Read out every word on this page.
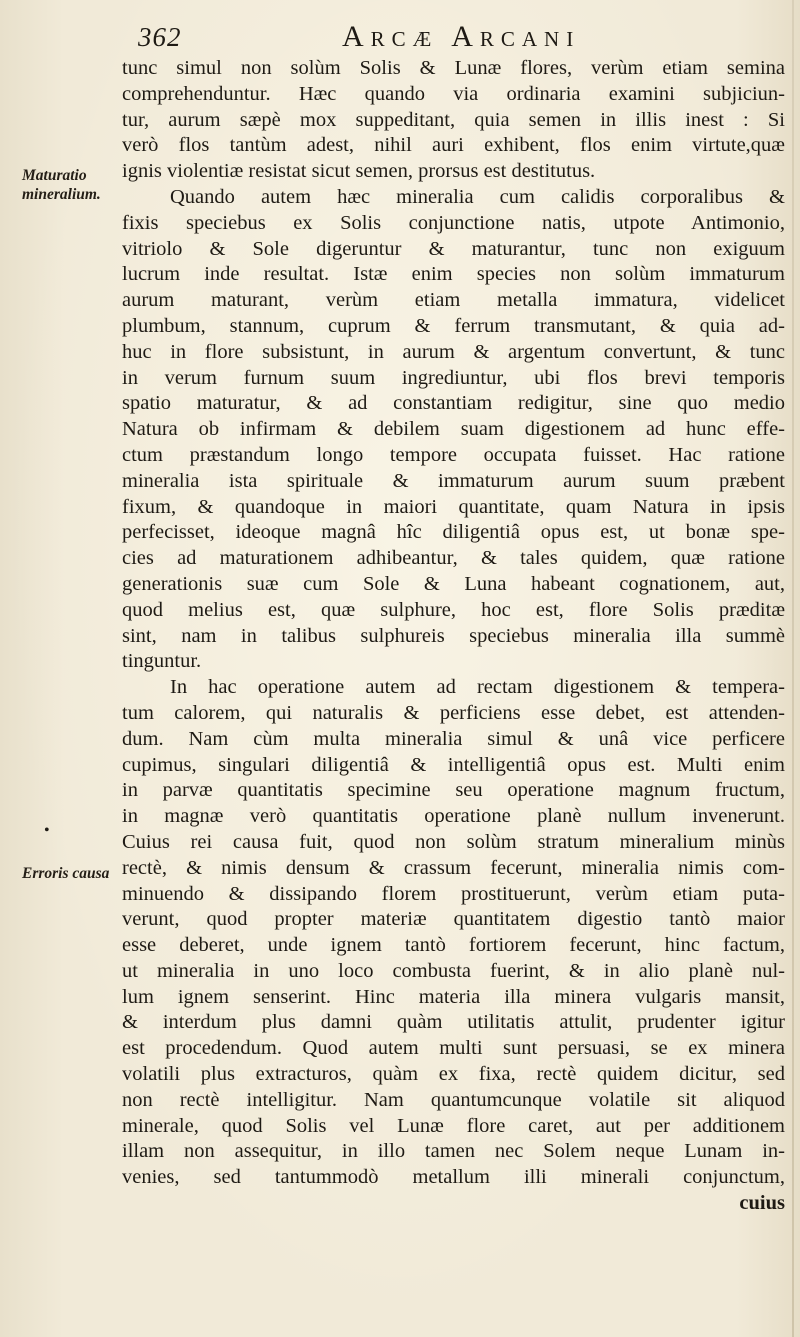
362	Arcæ Arcani
Maturatio
mineralium.
•
Erroris causa
tunc simul non solùm Solis & Lunæ flores, verùm etiam semina
comprehenduntur. Hæc quando via ordinaria examini subjiciun-
tur, aurum sæpè mox suppeditant, quia semen in illis inest : Si
verò flos tantùm adest, nihil auri exhibent, flos enim virtute,quæ
ignis violentiæ resistat sicut semen, prorsus est destitutus.
Quando autem hæc mineralia cum calidis corporalibus &
fixis speciebus ex Solis conjunctione natis, utpote Antimonio,
vitriolo & Sole digeruntur & maturantur, tunc non exiguum
lucrum inde resultat. Istæ enim species non solùm immaturum
aurum maturant, verùm etiam metalla immatura, videlicet
plumbum, stannum, cuprum & ferrum transmutant, & quia ad-
huc in flore subsistunt, in aurum & argentum convertunt, & tunc
in verum furnum suum ingrediuntur, ubi flos brevi temporis
spatio maturatur, & ad constantiam redigitur, sine quo medio
Natura ob infirmam & debilem suam digestionem ad hunc effe-
ctum præstandum longo tempore occupata fuisset. Hac ratione
mineralia ista spirituale & immaturum aurum suum præbent
fixum, & quandoque in maiori quantitate, quam Natura in ipsis
perfecisset, ideoque magnâ hîc diligentiâ opus est, ut bonæ spe-
cies ad maturationem adhibeantur, & tales quidem, quæ ratione
generationis suæ cum Sole & Luna habeant cognationem, aut,
quod melius est, quæ sulphure, hoc est, flore Solis præditæ
sint, nam in talibus sulphureis speciebus mineralia illa summè
tinguntur.
In hac operatione autem ad rectam digestionem & tempera-
tum calorem, qui naturalis & perficiens esse debet, est attenden-
dum. Nam cùm multa mineralia simul & unâ vice perficere
cupimus, singulari diligentiâ & intelligentiâ opus est. Multi enim
in parvæ quantitatis specimine seu operatione magnum fructum,
in magnæ verò quantitatis operatione planè nullum invenerunt.
Cuius rei causa fuit, quod non solùm stratum mineralium minùs
rectè, & nimis densum & crassum fecerunt, mineralia nimis com-
minuendo & dissipando florem prostituerunt, verùm etiam puta-
verunt, quod propter materiæ quantitatem digestio tantò maior
esse deberet, unde ignem tantò fortiorem fecerunt, hinc factum,
ut mineralia in uno loco combusta fuerint, & in alio planè nul-
lum ignem senserint. Hinc materia illa minera vulgaris mansit,
& interdum plus damni quàm utilitatis attulit, prudenter igitur
est procedendum. Quod autem multi sunt persuasi, se ex minera
volatili plus extracturos, quàm ex fixa, rectè quidem dicitur, sed
non rectè intelligitur. Nam quantumcunque volatile sit aliquod
minerale, quod Solis vel Lunæ flore caret, aut per additionem
illam non assequitur, in illo tamen nec Solem neque Lunam in-
venies, sed tantummodò metallum illi minerali conjunctum,
cuius
